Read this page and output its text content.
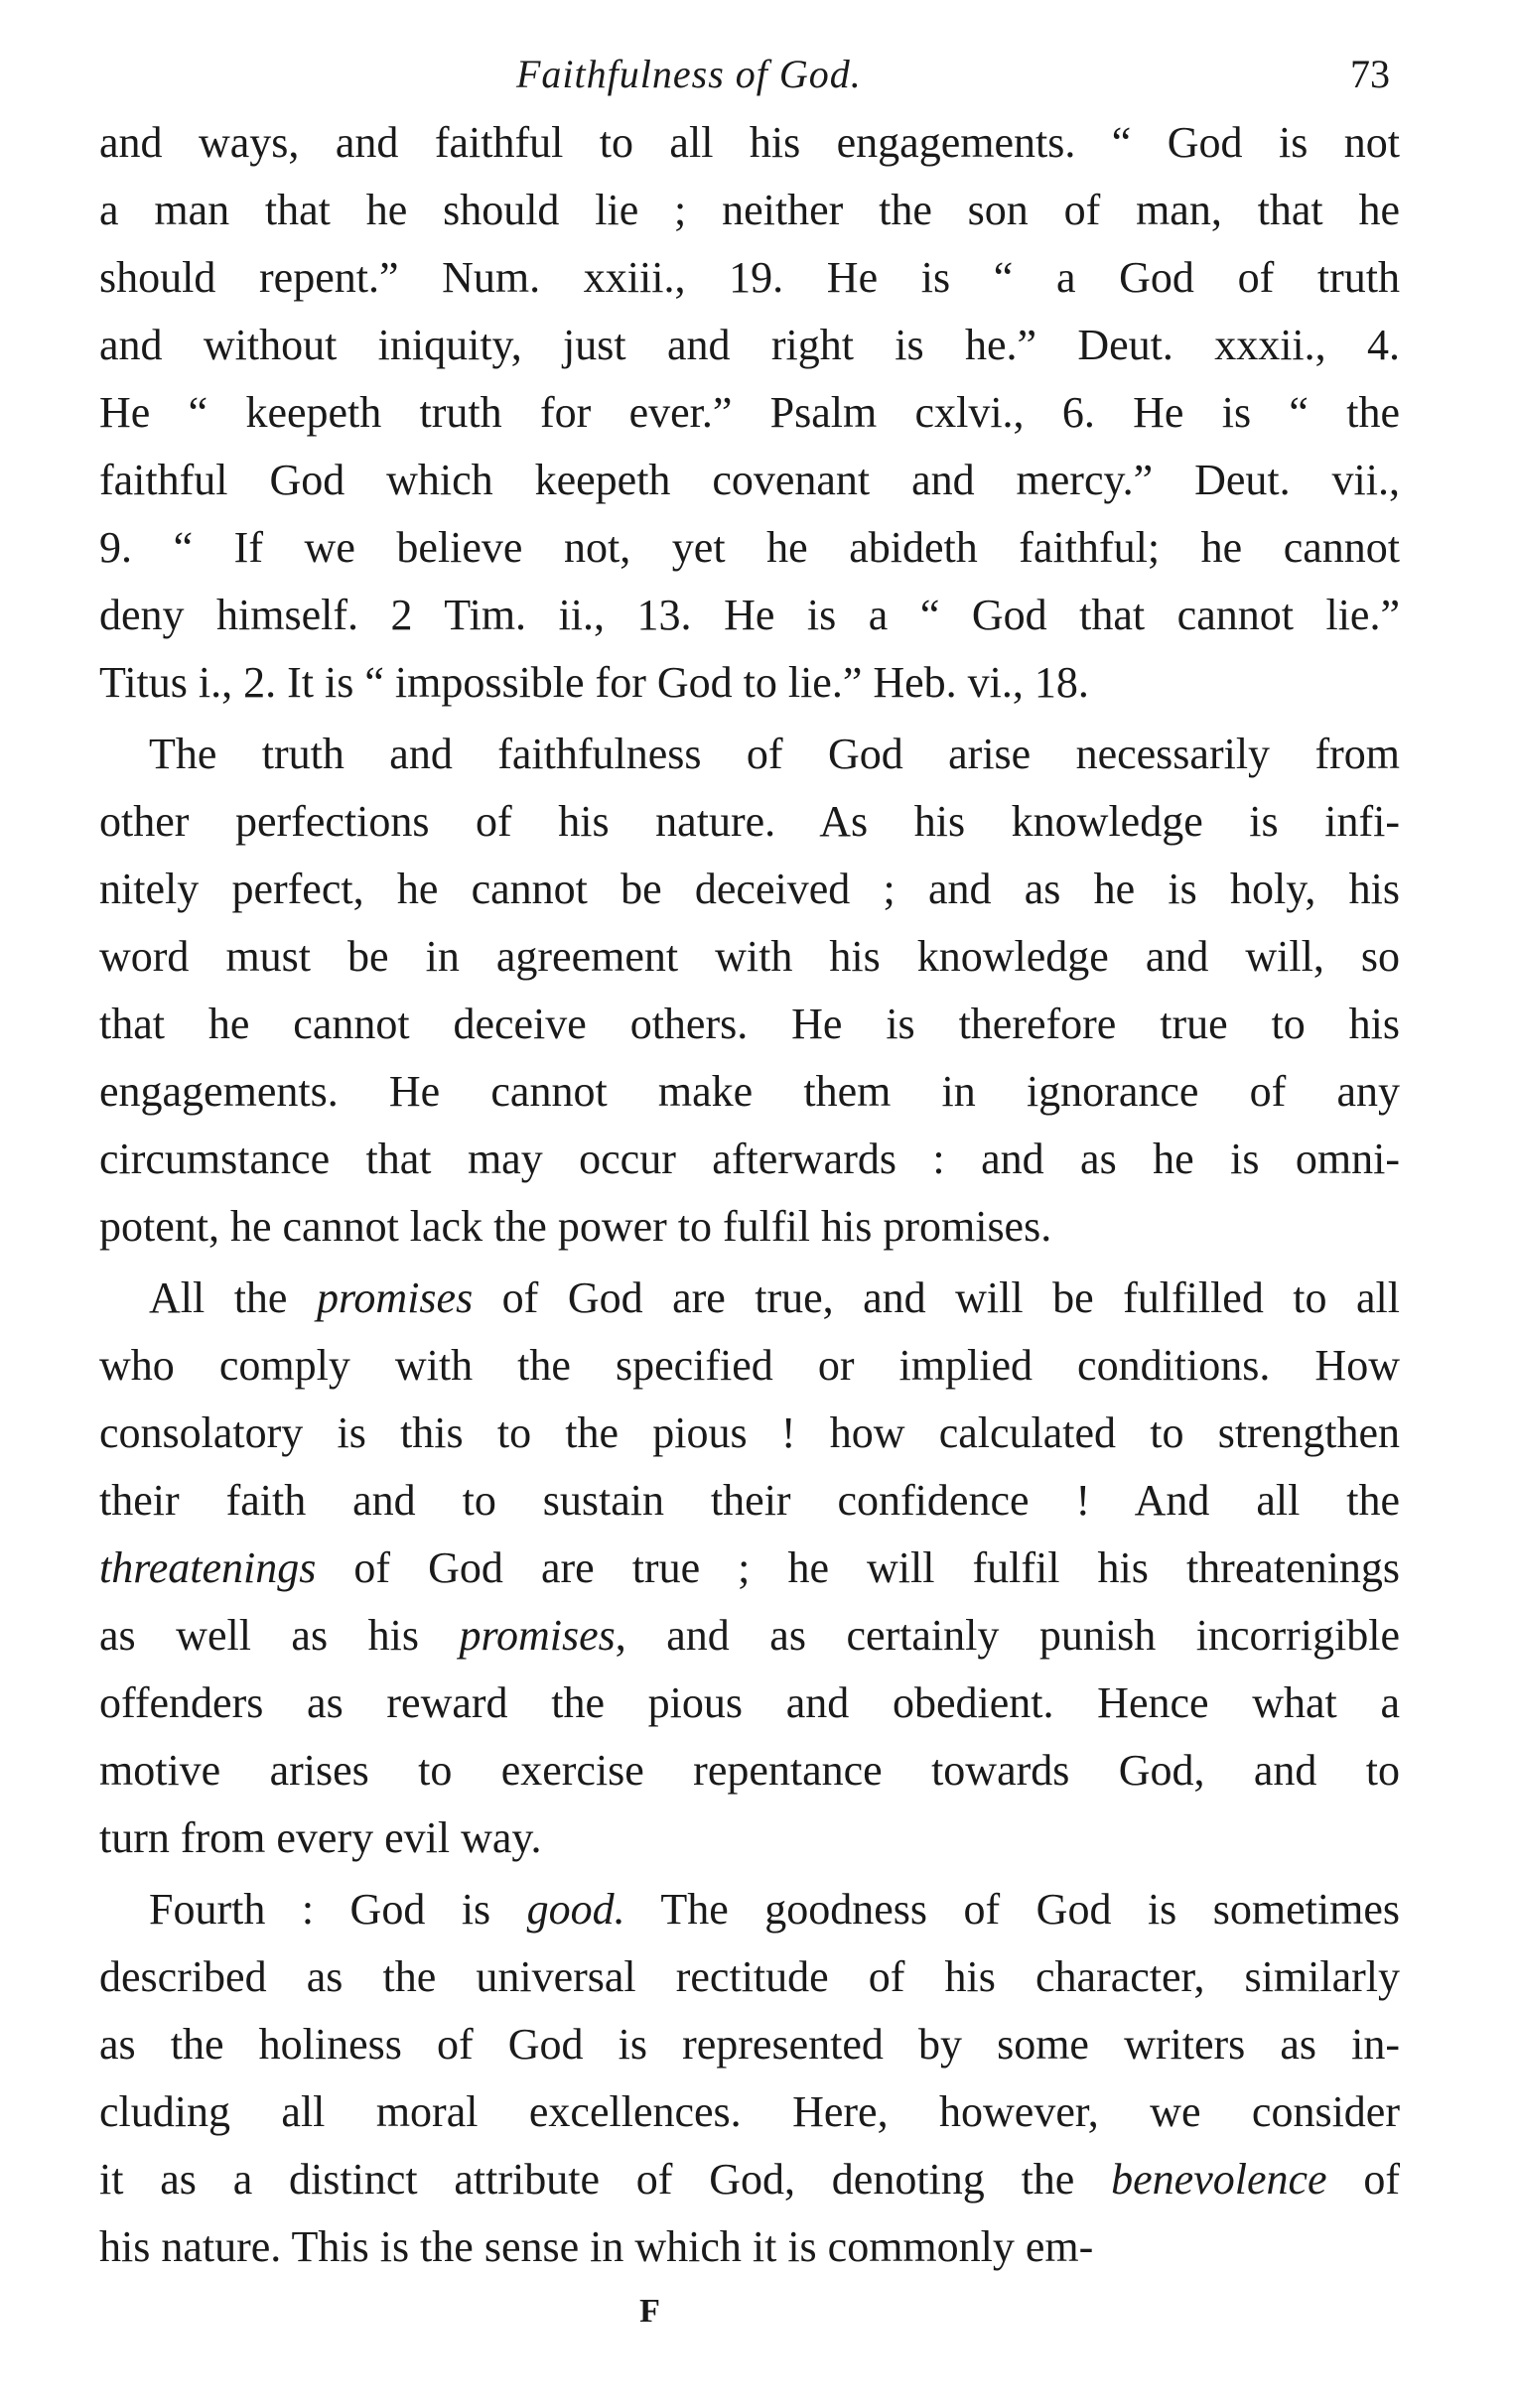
Faithfulness of God.	73

and ways, and faithful to all his engagements. “ God is not
a man that he should lie ; neither the son of man, that he
should repent.” Num. xxiii., 19. He is “ a God of truth
and without iniquity, just and right is he.” Deut. xxxii., 4.
He “ keepeth truth for ever.” Psalm cxlvi., 6. He is “ the
faithful God which keepeth covenant and mercy.” Deut. vii.,
9. “ If we believe not, yet he abideth faithful; he cannot
deny himself. 2 Tim. ii., 13. He is a “ God that cannot lie.”
Titus i., 2. It is “ impossible for God to lie.” Heb. vi., 18.

The truth and faithfulness of God arise necessarily from
other perfections of his nature. As his knowledge is infi-
nitely perfect, he cannot be deceived ; and as he is holy, his
word must be in agreement with his knowledge and will, so
that he cannot deceive others. He is therefore true to his
engagements. He cannot make them in ignorance of any
circumstance that may occur afterwards : and as he is omni-
potent, he cannot lack the power to fulfil his promises.

All the promises of God are true, and will be fulfilled to all
who comply with the specified or implied conditions. How
consolatory is this to the pious ! how calculated to strengthen
their faith and to sustain their confidence ! And all the
threatenings of God are true ; he will fulfil his threatenings
as well as his promises, and as certainly punish incorrigible
offenders as reward the pious and obedient. Hence what a
motive arises to exercise repentance towards God, and to
turn from every evil way.

Fourth : God is good. The goodness of God is sometimes
described as the universal rectitude of his character, similarly
as the holiness of God is represented by some writers as in-
cluding all moral excellences. Here, however, we consider
it as a distinct attribute of God, denoting the benevolence of
his nature. This is the sense in which it is commonly em-

F
